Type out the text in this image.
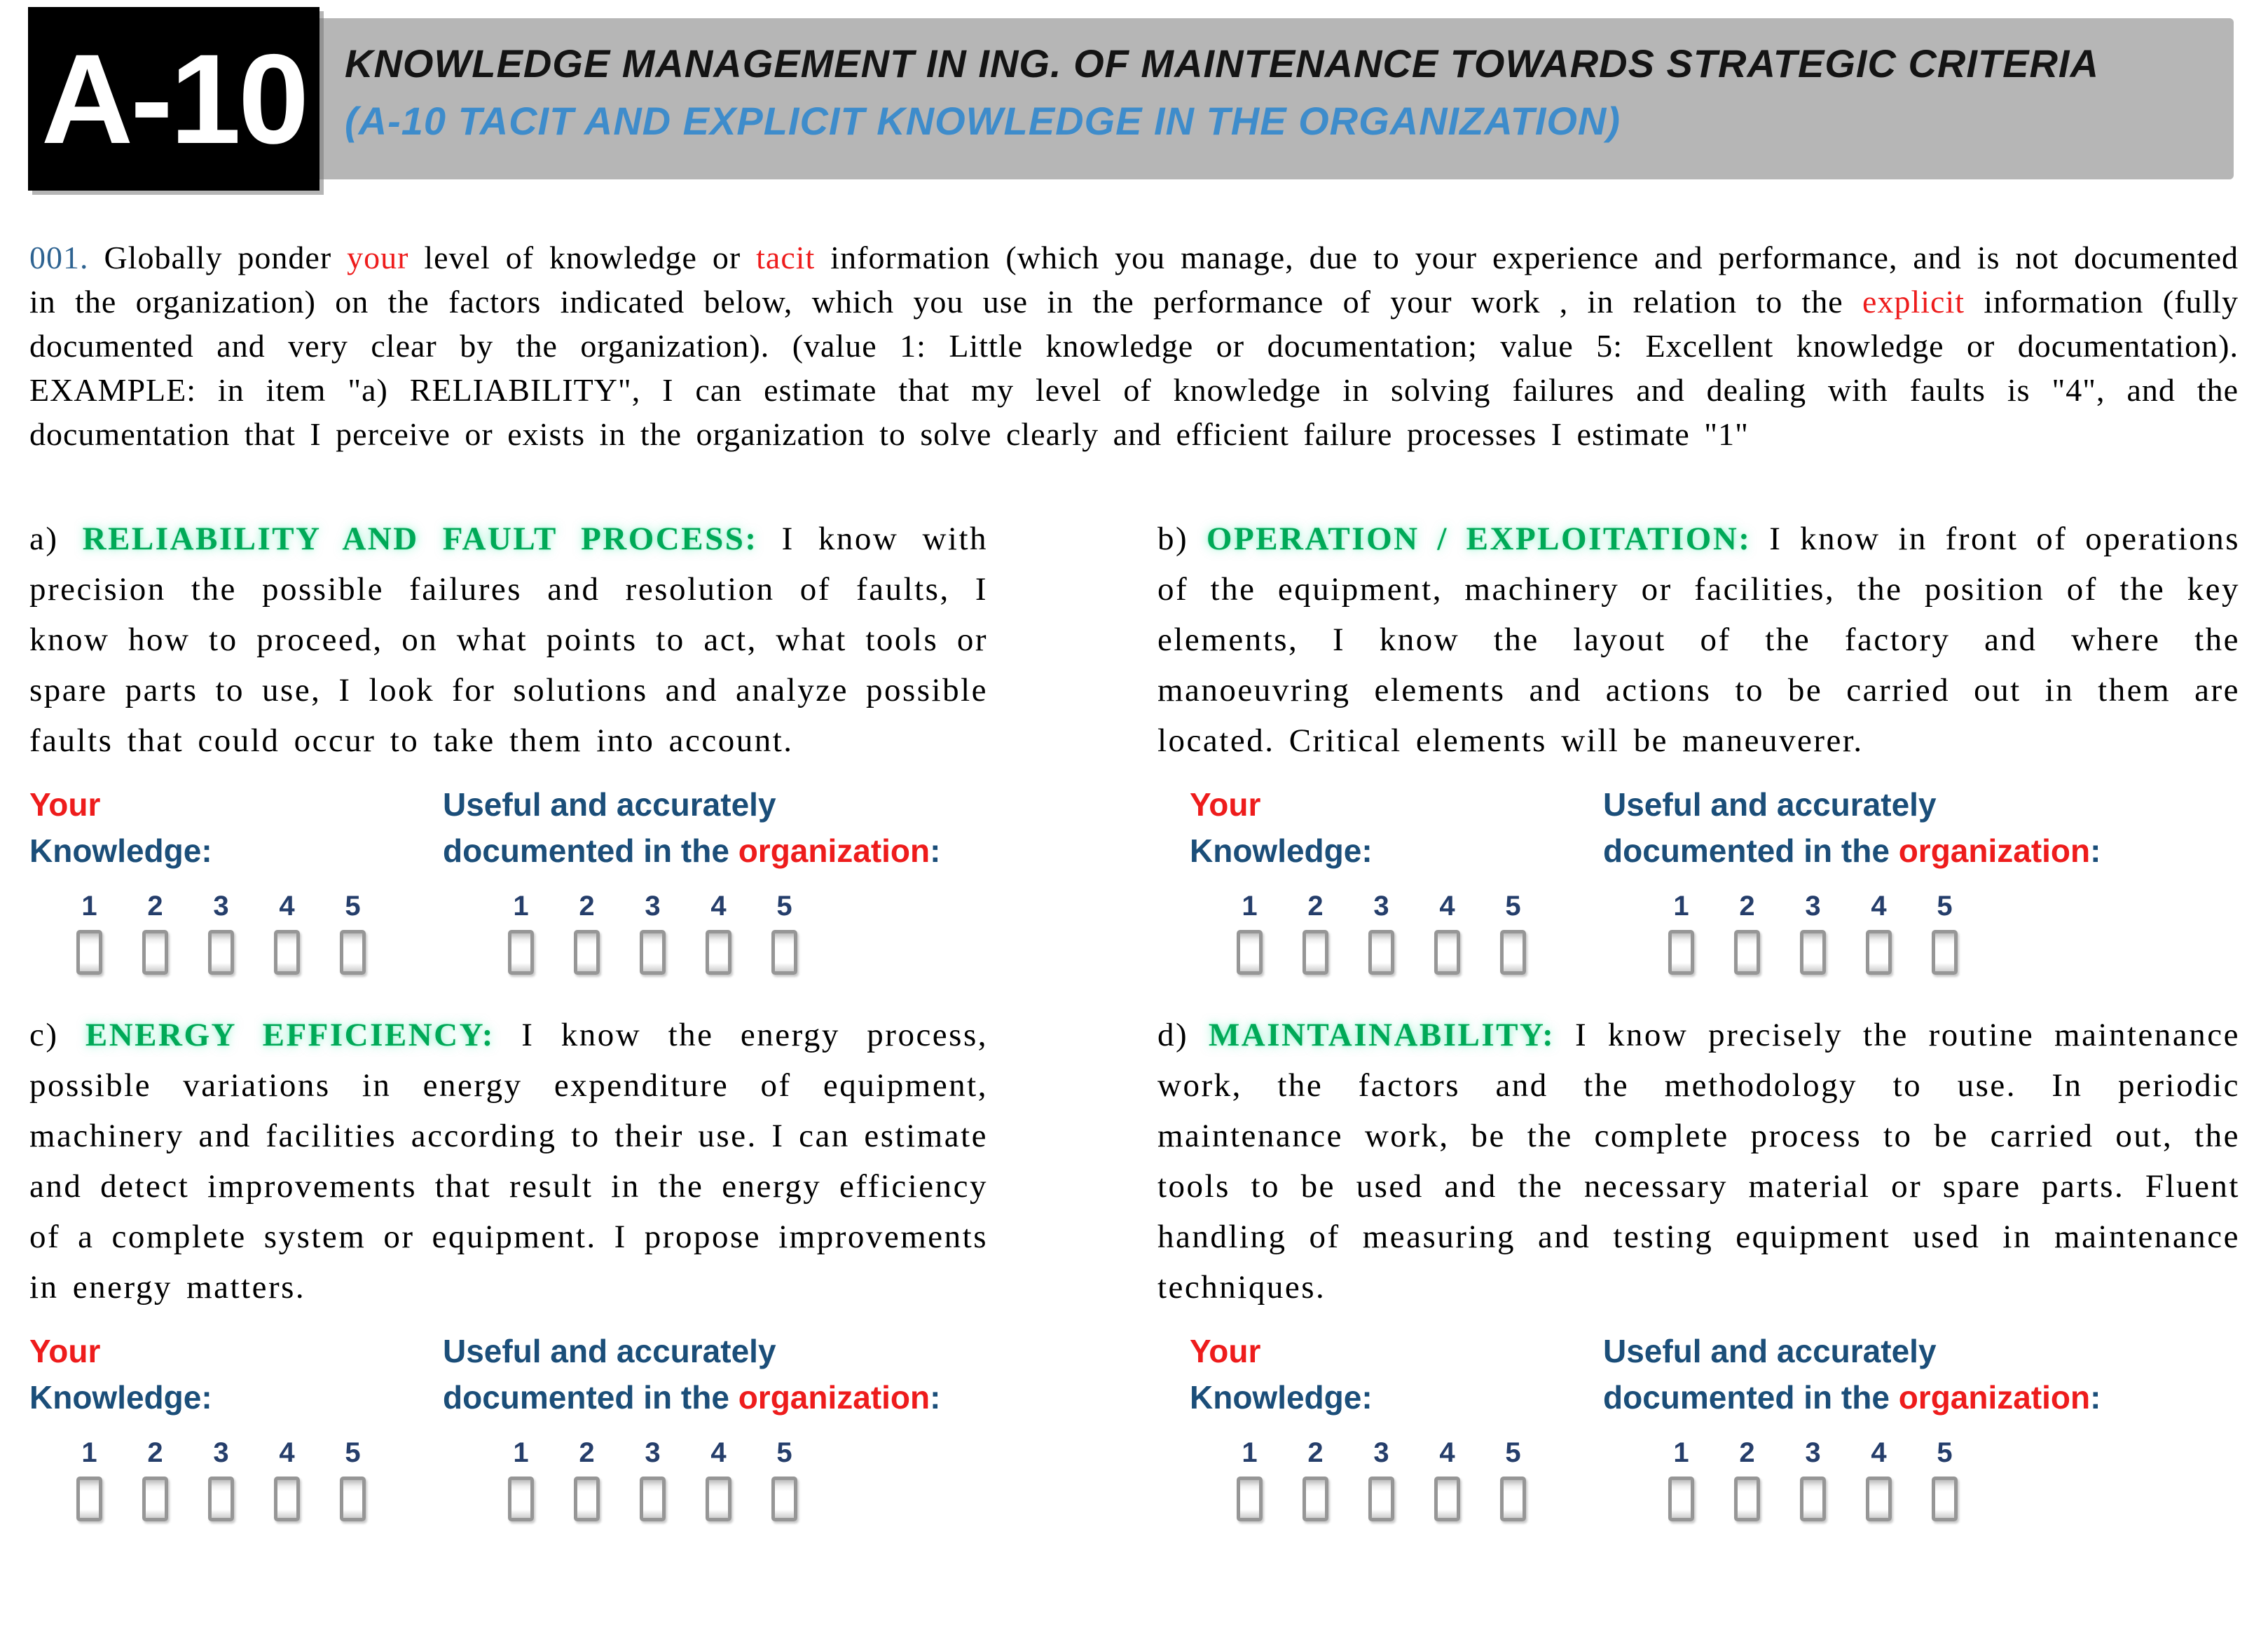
A-10 KNOWLEDGE MANAGEMENT IN ING. OF MAINTENANCE TOWARDS STRATEGIC CRITERIA
(A-10 TACIT AND EXPLICIT KNOWLEDGE IN THE ORGANIZATION)

001. Globally ponder your level of knowledge or tacit information (which you manage, due to your experience and performance, and is not documented in the organization) on the factors indicated below, which you use in the performance of your work , in relation to the explicit information (fully documented and very clear by the organization). (value 1: Little knowledge or documentation; value 5: Excellent knowledge or documentation). EXAMPLE: in item "a) RELIABILITY", I can estimate that my level of knowledge in solving failures and dealing with faults is "4", and the documentation that I perceive or exists in the organization to solve clearly and efficient failure processes I estimate "1"

a) RELIABILITY AND FAULT PROCESS: I know with precision the possible failures and resolution of faults, I know how to proceed, on what points to act, what tools or spare parts to use, I look for solutions and analyze possible faults that could occur to take them into account.
b) OPERATION / EXPLOITATION: I know in front of operations of the equipment, machinery or facilities, the position of the key elements, I know the layout of the factory and where the manoeuvring elements and actions to be carried out in them are located. Critical elements will be maneuverer.
Your
Knowledge:
1 2 3 4 5
Useful and accurately
documented in the organization:
1 2 3 4 5
Your
Knowledge:
1 2 3 4 5
Useful and accurately
documented in the organization:
1 2 3 4 5
c) ENERGY EFFICIENCY: I know the energy process, possible variations in energy expenditure of equipment, machinery and facilities according to their use. I can estimate and detect improvements that result in the energy efficiency of a complete system or equipment. I propose improvements in energy matters.
d) MAINTAINABILITY: I know precisely the routine maintenance work, the factors and the methodology to use. In periodic maintenance work, be the complete process to be carried out, the tools to be used and the necessary material or spare parts. Fluent handling of measuring and testing equipment used in maintenance techniques.
Your
Knowledge:
1 2 3 4 5
Useful and accurately
documented in the organization:
1 2 3 4 5
Your
Knowledge:
1 2 3 4 5
Useful and accurately
documented in the organization:
1 2 3 4 5
